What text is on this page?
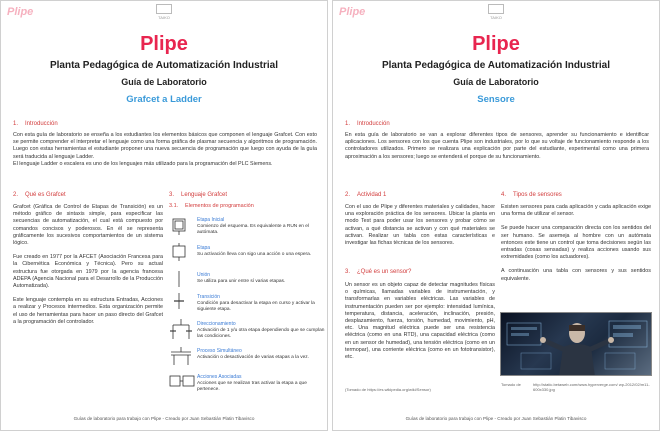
Plipe	TAIKO
Plipe
Planta Pedagógica de Automatización Industrial
Guía de Laboratorio
Grafcet a Ladder
1. Introducción

Con esta guía de laboratorio se enseña a los estudiantes los elementos básicos que componen el lenguaje Grafcet. Con esto se permite comprender el interpretar el lenguaje como una forma gráfica de plasmar secuencia y algoritmos de programación. Luego con estas herramientas el estudiante proponer una nueva secuencia de programación que luego con ayuda de la guía será traducida al lenguaje Ladder.

El lenguaje Ladder o escalera es uno de los lenguajes más utilizado para la programación del PLC Siemens.

2. Qué es Grafcet	3. Lenguaje Grafcet
3.1. Elementos de programación

Grafcet (Gráfica de Control de Etapas de Transición) es un método gráfico de sintaxis simple, para especificar las secuencias de automatización, el cual está compuesto por comandos concisos y poderosos. En él se representa gráficamente los sucesivos comportamientos de un sistema lógico.

Fue creado en 1977 por la AFCET (Asociación Francesa para la Cibernética Económica y Técnica). Pero su actual estructura fue otorgada en 1979 por la agencia francesa ADEPA (Agencia Nacional para el Desarrollo de la Producción Automatizada).

Este lenguaje contempla en su estructura Entradas, Acciones a realizar y Procesos intermedios. Esta organización permite el uso de herramientas para hacer un paso directo del Grafcet a la programación del controlador.

Etapa Inicial
Comienzo del esquema. Es equivalente a RUN en el autómata.
Etapa
Su activación lleva con sigo una acción o una espera.
Unión
Se utiliza para unir entre sí varias etapas.
Transición
Condición para desactivar la etapa en curso y activar la siguiente etapa.
Direccionamiento
Activación de 1 y/u otra etapa dependiendo que se cumplan las condiciones.
Proceso Simultáneo
Activación o desactivación de varias etapas a la vez.
Acciones Asociadas
Acciones que se realizan tras activar la etapa a que pertenece.
Guías de laboratorio para trabajo con Plipe - Creado por Juan Sebastián Platin Tibavisco
Plipe	TAIKO
Plipe
Planta Pedagógica de Automatización Industrial
Guía de Laboratorio
Sensore
1. Introducción
En esta guía de laboratorio se van a explorar diferentes tipos de sensores, aprender su funcionamiento e identificar aplicaciones. Los sensores con los que cuenta Plipe son industriales, por lo que su voltaje de funcionamiento responde a los controladores utilizados. Primero se realizara una explicación por parte del estudiante, experimental como una primera aproximación a los sensores; luego se entenderá el porque de su funcionamiento.
2. Actividad 1
Con el uso de Plipe y diferentes materiales y calidades, hacer una exploración práctica de los sensores. Ubicar la planta en modo Test para poder usar los sensores y probar cómo se activan, a qué distancia se activan y con qué materiales se activan. Realizar un tabla con estas características e investigar las fichas técnicas de los sensores.
3. ¿Qué es un sensor?
Un sensor es un objeto capaz de detectar magnitudes físicas o químicas, llamadas variables de instrumentación, y transformarlas en variables eléctricas. Las variables de instrumentación pueden ser por ejemplo: intensidad lumínica, temperatura, distancia, aceleración, inclinación, presión, desplazamiento, fuerza, torsión, humedad, movimiento, pH, etc. Una magnitud eléctrica puede ser una resistencia eléctrica (como en una RTD), una capacidad eléctrica (como en un sensor de humedad), una tensión eléctrica (como en un termopar), una corriente eléctrica (como en un fototransistor), etc.
(Tomado de https://es.wikipedia.org/wiki/Sensor)
4. Tipos de sensores

Existen sensores para cada aplicación y cada aplicación exige una forma de utilizar el sensor.

Se puede hacer una comparación directa con los sentidos del ser humano. Se asemeja al hombre con un autómata entonces este tiene un control que toma decisiones según las entradas (cosas sensadas) y realiza acciones usando sus extremidades (como los actuadores).

A continuación una tabla con sensores y sus sentidos equivalente.

Tomado de	http://static.betaweb.com/www.hyperverge.com/ wp-2012/02/m11-600x330.jpg
Guías de laboratorio para trabajo con Plipe - Creado por Juan Sebastián Platin Tibavisco
